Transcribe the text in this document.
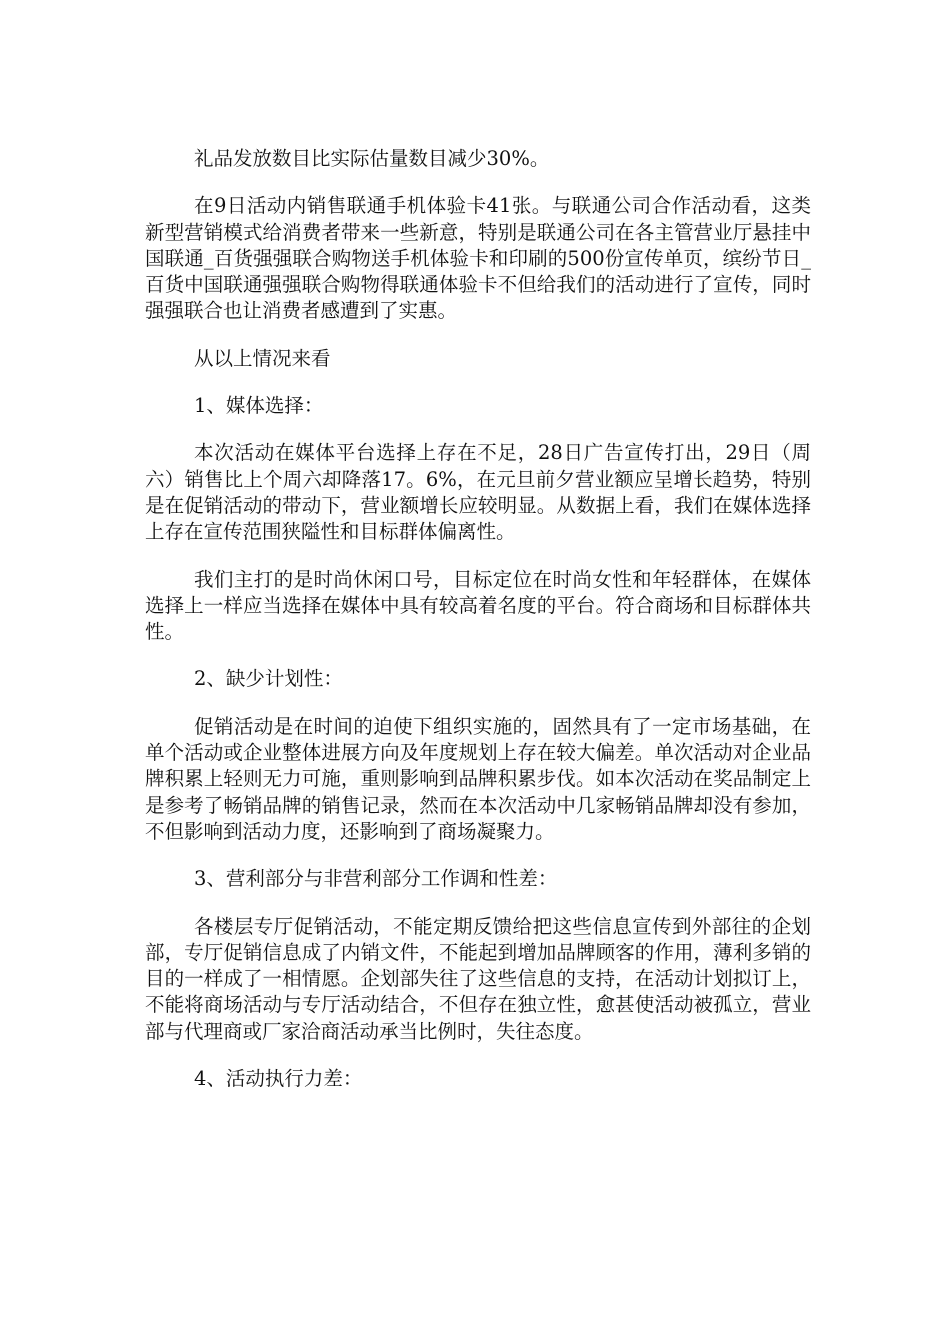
礼品发放数目比实际估量数目减少30%。

在9日活动内销售联通手机体验卡41张。与联通公司合作活动看，这类新型营销模式给消费者带来一些新意，特别是联通公司在各主管营业厅悬挂中国联通_百货强强联合购物送手机体验卡和印刷的500份宣传单页，缤纷节日_百货中国联通强强联合购物得联通体验卡不但给我们的活动进行了宣传，同时强强联合也让消费者感遭到了实惠。

从以上情况来看

1、媒体选择：

本次活动在媒体平台选择上存在不足，28日广告宣传打出，29日（周六）销售比上个周六却降落17。6%，在元旦前夕营业额应呈增长趋势，特别是在促销活动的带动下，营业额增长应较明显。从数据上看，我们在媒体选择上存在宣传范围狭隘性和目标群体偏离性。

我们主打的是时尚休闲口号，目标定位在时尚女性和年轻群体，在媒体选择上一样应当选择在媒体中具有较高着名度的平台。符合商场和目标群体共性。

2、缺少计划性：

促销活动是在时间的迫使下组织实施的，固然具有了一定市场基础，在单个活动或企业整体进展方向及年度规划上存在较大偏差。单次活动对企业品牌积累上轻则无力可施，重则影响到品牌积累步伐。如本次活动在奖品制定上是参考了畅销品牌的销售记录，然而在本次活动中几家畅销品牌却没有参加，不但影响到活动力度，还影响到了商场凝聚力。

3、营利部分与非营利部分工作调和性差：

各楼层专厅促销活动，不能定期反馈给把这些信息宣传到外部往的企划部，专厅促销信息成了内销文件，不能起到增加品牌顾客的作用，薄利多销的目的一样成了一相情愿。企划部失往了这些信息的支持，在活动计划拟订上，不能将商场活动与专厅活动结合，不但存在独立性，愈甚使活动被孤立，营业部与代理商或厂家洽商活动承当比例时，失往态度。

4、活动执行力差：
